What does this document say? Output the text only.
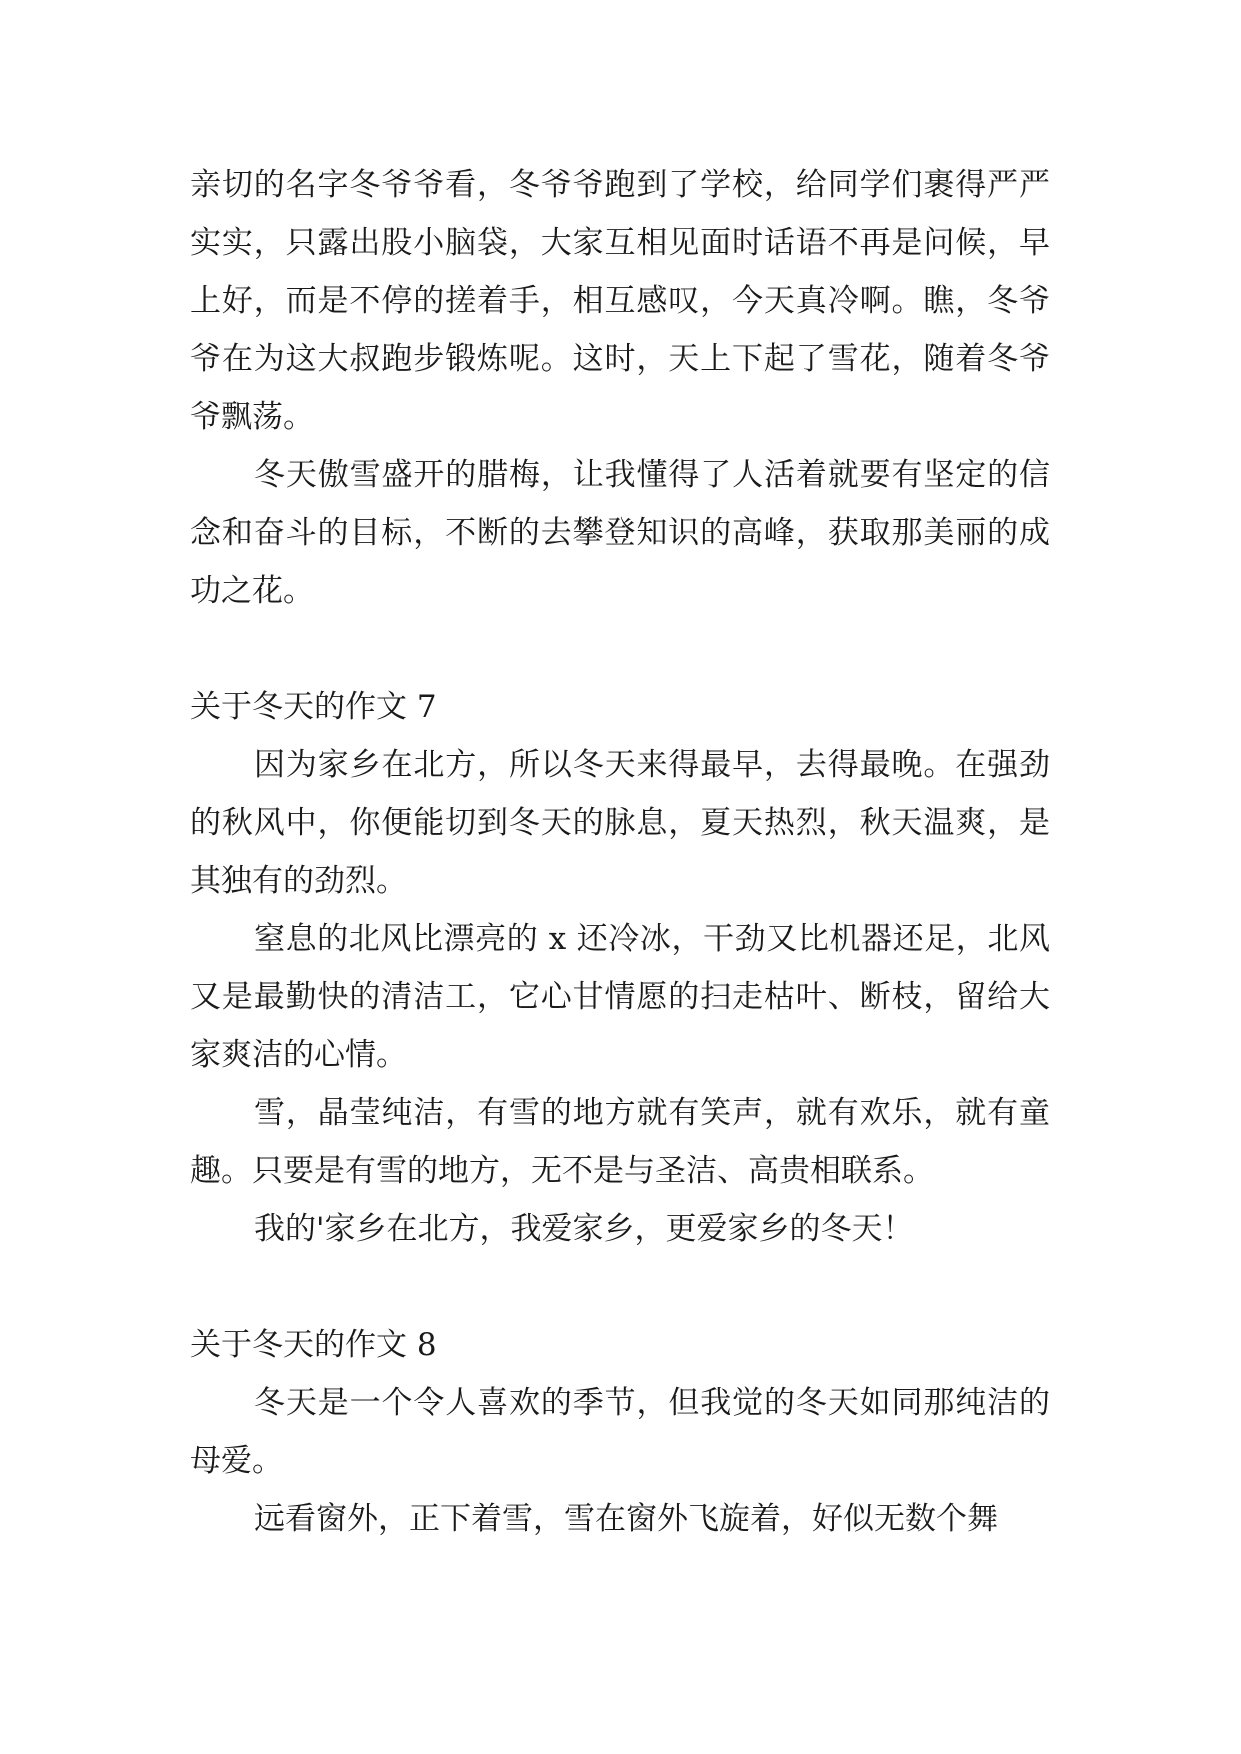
亲切的名字冬爷爷看，冬爷爷跑到了学校，给同学们裹得严严实实，只露出股小脑袋，大家互相见面时话语不再是问候，早上好，而是不停的搓着手，相互感叹，今天真冷啊。瞧，冬爷爷在为这大叔跑步锻炼呢。这时，天上下起了雪花，随着冬爷爷飘荡。

冬天傲雪盛开的腊梅，让我懂得了人活着就要有坚定的信念和奋斗的目标，不断的去攀登知识的高峰，获取那美丽的成功之花。

关于冬天的作文 7

因为家乡在北方，所以冬天来得最早，去得最晚。在强劲的秋风中，你便能切到冬天的脉息，夏天热烈，秋天温爽，是其独有的劲烈。

窒息的北风比漂亮的 x 还冷冰，干劲又比机器还足，北风又是最勤快的清洁工，它心甘情愿的扫走枯叶、断枝，留给大家爽洁的心情。

雪，晶莹纯洁，有雪的地方就有笑声，就有欢乐，就有童趣。只要是有雪的地方，无不是与圣洁、高贵相联系。

我的'家乡在北方，我爱家乡，更爱家乡的冬天！

关于冬天的作文 8

冬天是一个令人喜欢的季节，但我觉的冬天如同那纯洁的母爱。

远看窗外，正下着雪，雪在窗外飞旋着，好似无数个舞
